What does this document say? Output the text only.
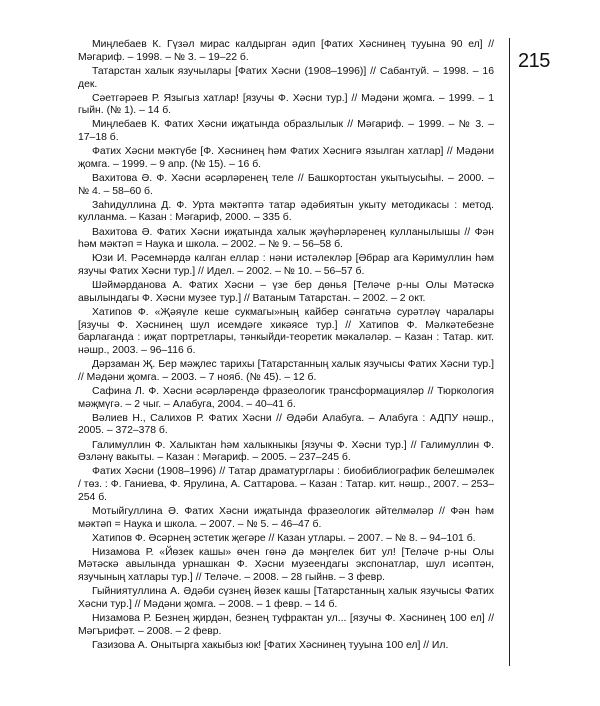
Миңлебаев К. Гүзәл мирас калдырган әдип [Фатих Хәснинең тууына 90 ел] // Мәгариф. – 1998. – № 3. – 19–22 б.

Татарстан халык язучылары [Фатих Хәсни (1908–1996)] // Сабантуй. – 1998. – 16 дек.

Сәетгәрәев Р. Языгыз хатлар! [язучы Ф. Хәсни тур.] // Мәдәни җомга. – 1999. – 1 гыйн. (№ 1). – 14 б.

Миңлебаев К. Фатих Хәсни иҗатында образлылык // Мәгариф. – 1999. – № 3. – 17–18 б.

Фатих Хәсни мәктүбе [Ф. Хәснинең һәм Фатих Хәснигә язылган хатлар] // Мәдәни җомга. – 1999. – 9 апр. (№ 15). – 16 б.

Вахитова Ә. Ф. Хәсни әсәрләренең теле // Башкортостан укытыусыһы. – 2000. – № 4. – 58–60 б.

Заһидуллина Д. Ф. Урта мәктәптә татар әдәбиятын укыту методикасы : метод. кулланма. – Казан : Мәгариф, 2000. – 335 б.

Вахитова Ә. Фатих Хәсни иҗатында халык җәүһәрләренең кулланылышы // Фән һәм мәктәп = Наука и школа. – 2002. – № 9. – 56–58 б.

Юзи И. Рәсемнәрдә калган еллар : нәни истәлекләр [Әбрар ага Кәримуллин һәм язучы Фатих Хәсни тур.] // Идел. – 2002. – № 10. – 56–57 б.

Шәймәрданова А. Фатих Хәсни – үзе бер дөнья [Теләче р-ны Олы Мәтәскә авылындагы Ф. Хәсни музее тур.] // Ватаным Татарстан. – 2002. – 2 окт.

Хатипов Ф. «Җәяүле кеше сукмагы»ның кайбер сәнгатьчә сурәтләү чаралары [язучы Ф. Хәснинең шул исемдәге хикәясе тур.] // Хатипов Ф. Мәлкәтебезне барлаганда : иҗат портретлары, тәнкыйди-теоретик мәкаләләр. – Казан : Татар. кит. нәшр., 2003. – 96–116 б.

Дәрзаман Җ. Бер мәҗлес тарихы [Татарстанның халык язучысы Фатих Хәсни тур.] // Мәдәни җомга. – 2003. – 7 нояб. (№ 45). – 12 б.

Сафина Л. Ф. Хәсни әсәрләрендә фразеологик трансформацияләр // Тюркология мәҗмүгә. – 2 чыг. – Алабуга, 2004. – 40–41 б.

Вәлиев Н., Салихов Р. Фатих Хәсни // Әдәби Алабуга. – Алабуга : АДПУ нәшр., 2005. – 372–378 б.

Галимуллин Ф. Халыктан һәм халыкныкы [язучы Ф. Хәсни тур.] // Галимуллин Ф. Әзләнү вакыты. – Казан : Мәгариф. – 2005. – 237–245 б.

Фатих Хәсни (1908–1996) // Татар драматурглары : биобиблиографик белешмәлек / төз. : Ф. Ганиева, Ф. Ярулина, А. Саттарова. – Казан : Татар. кит. нәшр., 2007. – 253–254 б.

Мотыйгуллина Ә. Фатих Хәсни иҗатында фразеологик әйтелмәләр // Фән һәм мәктәп = Наука и школа. – 2007. – № 5. – 46–47 б.

Хатипов Ф. Әсәрнең эстетик җегәре // Казан утлары. – 2007. – № 8. – 94–101 б.

Низамова Р. «Йөзек кашы» өчен гөнә дә мәңгелек бит ул! [Теләче р-ны Олы Мәтәскә авылында урнашкан Ф. Хәсни музеендагы экспонатлар, шул исәптән, язучының хатлары тур.] // Теләче. – 2008. – 28 гыйнв. – 3 февр.

Гыйниятуллина А. Әдәби сүзнең йөзек кашы [Татарстанның халык язучысы Фатих Хәсни тур.] // Мәдәни җомга. – 2008. – 1 февр. – 14 б.

Низамова Р. Безнең җирдән, безнең туфрактан ул... [язучы Ф. Хәснинең 100 ел] // Мәгърифәт. – 2008. – 2 февр.

Газизова А. Онытырга хакыбыз юк! [Фатих Хәснинең тууына 100 ел] // Ил.

215
